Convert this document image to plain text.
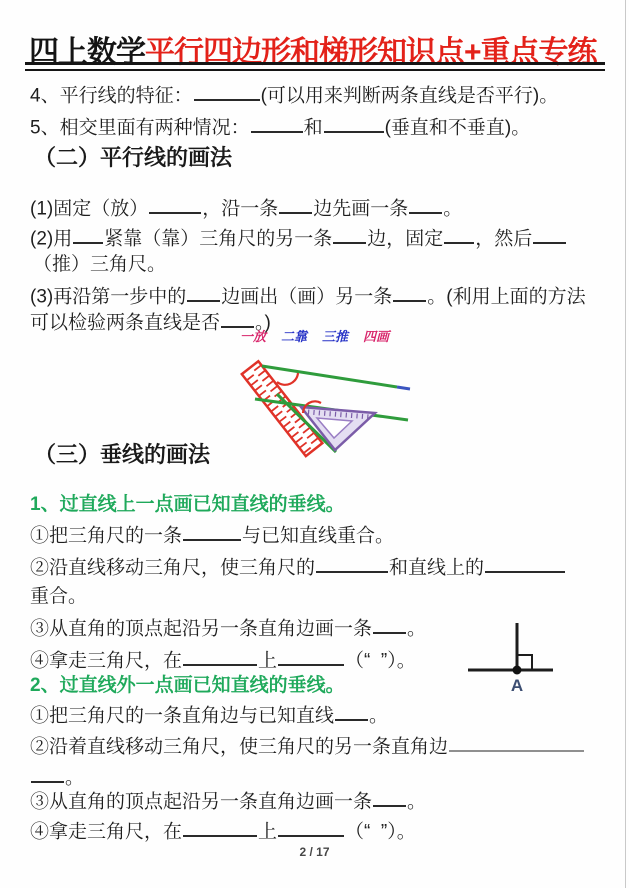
四上数学平行四边形和梯形知识点+重点专练
4、平行线的特征：	(可以用来判断两条直线是否平行)。
5、相交里面有两种情况：	和	(垂直和不垂直)。
（二）平行线的画法
(1)固定（放）	，沿一条 边先画一条 。
(2)用 紧靠（靠）三角尺的另一条 边，固定 ，然后
（推）三角尺。
(3)再沿第一步中的 边画出（画）另一条 。(利用上面的方法
可以检验两条直线是否 。)
一放 二靠 三推 四画
（三）垂线的画法
1、过直线上一点画已知直线的垂线。
①把三角尺的一条	与已知直线重合。
②沿直线移动三角尺，使三角尺的	和直线上的
重合。
③从直角的顶点起沿另一条直角边画一条 。
④拿走三角尺，在	上	（“  ”）。
2、过直线外一点画已知直线的垂线。
①把三角尺的一条直角边与已知直线 。
②沿着直线移动三角尺，使三角尺的另一条直角边
。
③从直角的顶点起沿另一条直角边画一条 。
④拿走三角尺，在	上	（“  ”）。
A
2 / 17
